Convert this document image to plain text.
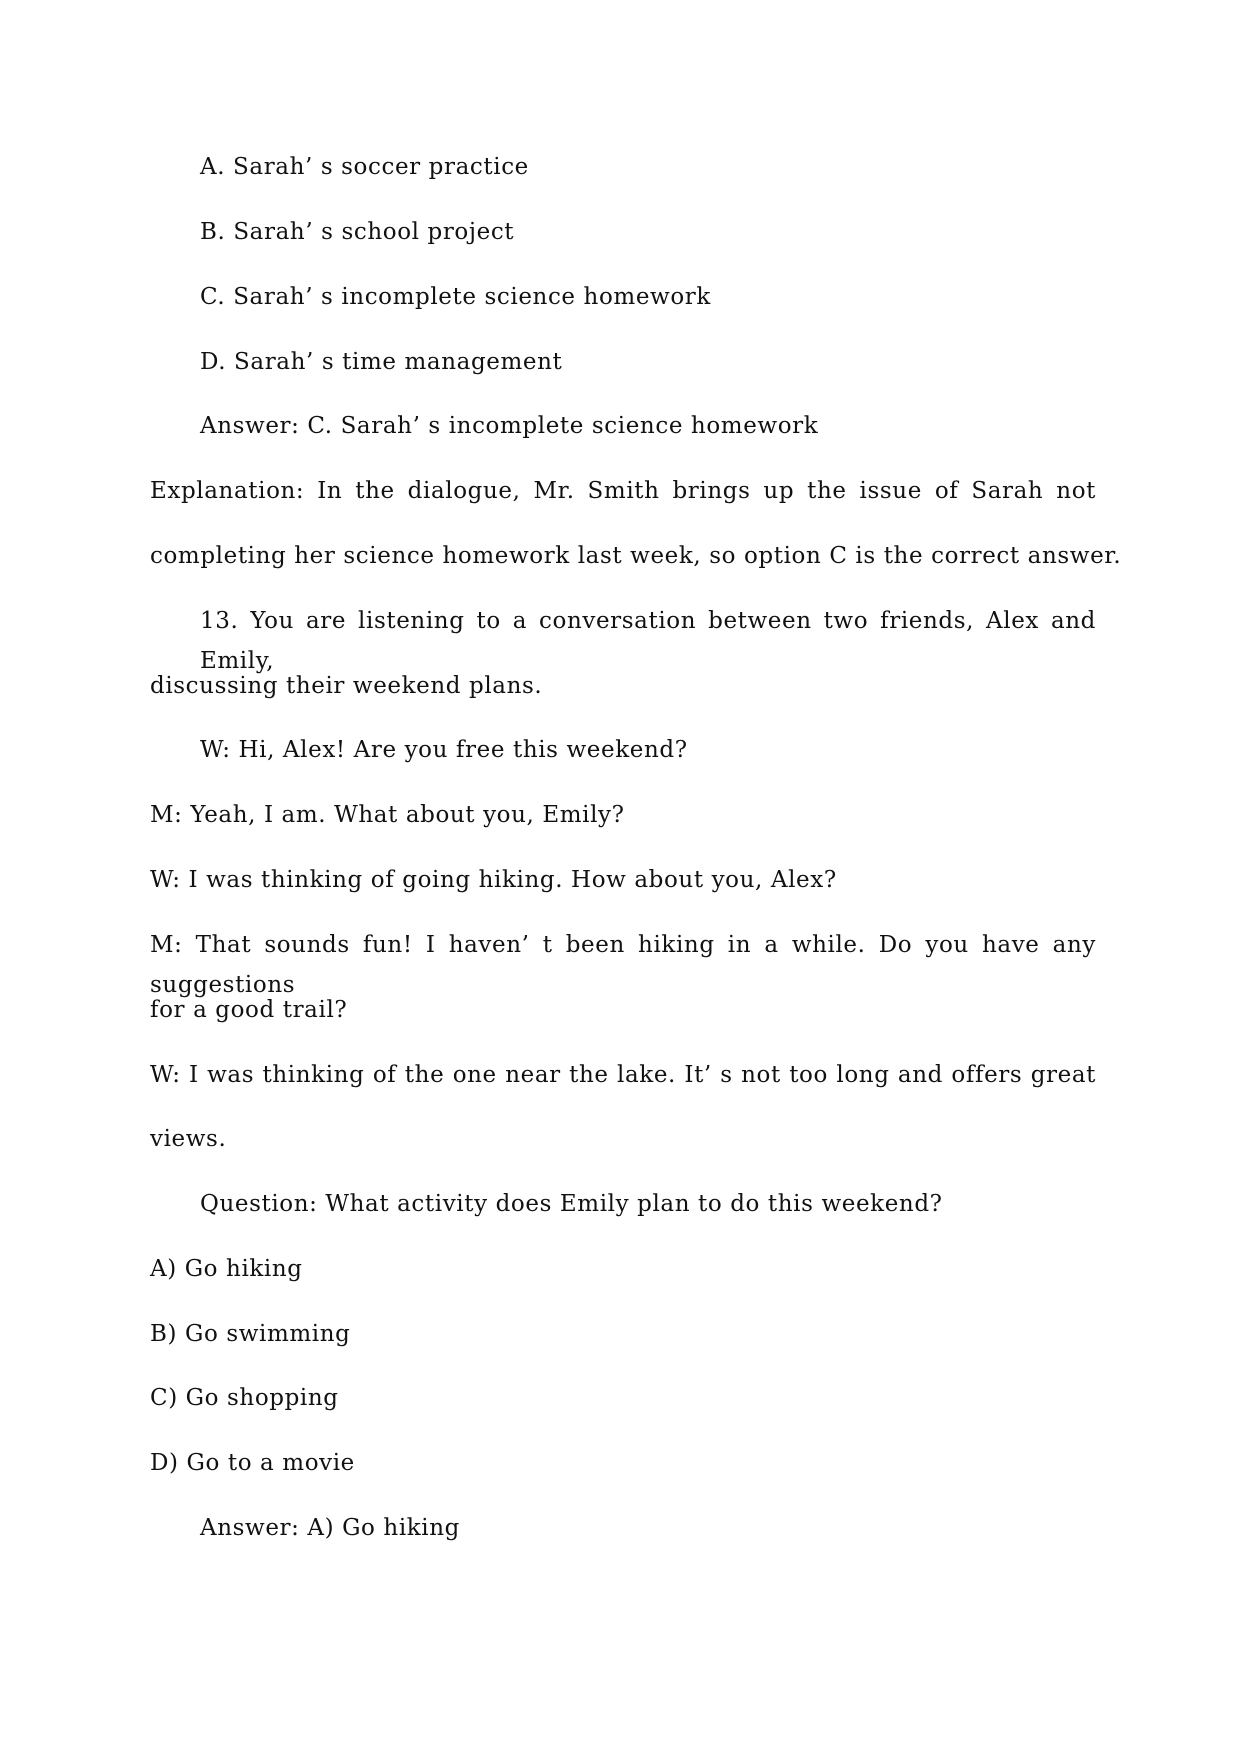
A. Sarah’ s soccer practice
B. Sarah’ s school project
C. Sarah’ s incomplete science homework
D. Sarah’ s time management
Answer: C. Sarah’ s incomplete science homework
Explanation: In the dialogue, Mr. Smith brings up the issue of Sarah not
completing her science homework last week, so option C is the correct answer.
13. You are listening to a conversation between two friends, Alex and Emily,
discussing their weekend plans.
W: Hi, Alex! Are you free this weekend?
M: Yeah, I am. What about you, Emily?
W: I was thinking of going hiking. How about you, Alex?
M: That sounds fun! I haven’ t been hiking in a while. Do you have any suggestions
for a good trail?
W: I was thinking of the one near the lake. It’ s not too long and offers great
views.
Question: What activity does Emily plan to do this weekend?
A) Go hiking
B) Go swimming
C) Go shopping
D) Go to a movie
Answer: A) Go hiking
